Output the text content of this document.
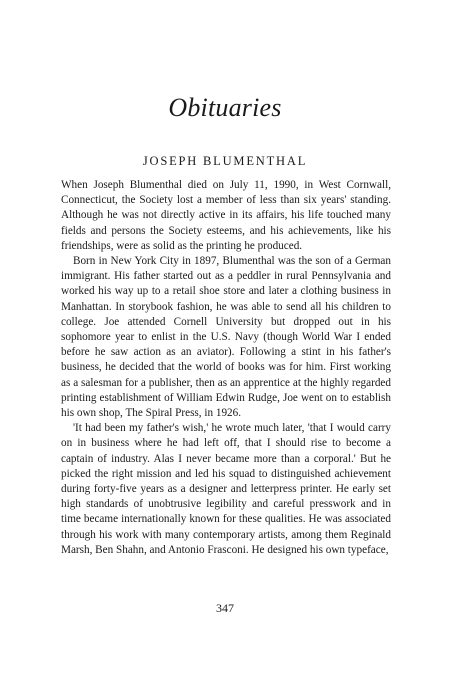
Obituaries
JOSEPH BLUMENTHAL

When Joseph Blumenthal died on July 11, 1990, in West Cornwall, Connecticut, the Society lost a member of less than six years' standing. Although he was not directly active in its affairs, his life touched many fields and persons the Society esteems, and his achievements, like his friendships, were as solid as the printing he produced.

Born in New York City in 1897, Blumenthal was the son of a German immigrant. His father started out as a peddler in rural Pennsylvania and worked his way up to a retail shoe store and later a clothing business in Manhattan. In storybook fashion, he was able to send all his children to college. Joe attended Cornell University but dropped out in his sophomore year to enlist in the U.S. Navy (though World War I ended before he saw action as an aviator). Following a stint in his father's business, he decided that the world of books was for him. First working as a salesman for a publisher, then as an apprentice at the highly regarded printing establishment of William Edwin Rudge, Joe went on to establish his own shop, The Spiral Press, in 1926.

'It had been my father's wish,' he wrote much later, 'that I would carry on in business where he had left off, that I should rise to become a captain of industry. Alas I never became more than a corporal.' But he picked the right mission and led his squad to distinguished achievement during forty-five years as a designer and letterpress printer. He early set high standards of unobtrusive legibility and careful presswork and in time became internationally known for these qualities. He was associated through his work with many contemporary artists, among them Reginald Marsh, Ben Shahn, and Antonio Frasconi. He designed his own typeface,

347
